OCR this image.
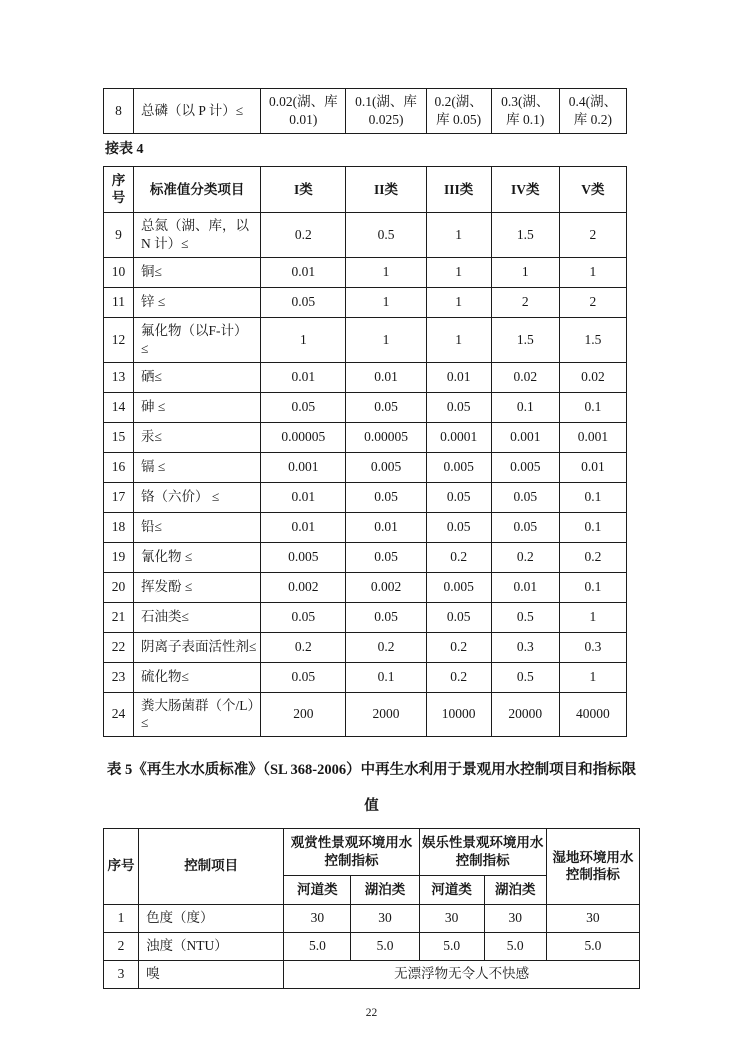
8	总磷（以 P 计）≤	0.02(湖、库 0.01)	0.1(湖、库 0.025)	0.2(湖、库 0.05)	0.3(湖、库 0.1)	0.4(湖、库 0.2)
接表 4
序号	标准值分类项目	I类	II类	III类	IV类	V类
9	总氮（湖、库，以 N 计）≤	0.2	0.5	1	1.5	2
10	铜≤	0.01	1	1	1	1
11	锌 ≤	0.05	1	1	2	2
12	氟化物（以F-计） ≤	1	1	1	1.5	1.5
13	硒≤	0.01	0.01	0.01	0.02	0.02
14	砷 ≤	0.05	0.05	0.05	0.1	0.1
15	汞≤	0.00005	0.00005	0.0001	0.001	0.001
16	镉 ≤	0.001	0.005	0.005	0.005	0.01
17	铬（六价） ≤	0.01	0.05	0.05	0.05	0.1
18	铅≤	0.01	0.01	0.05	0.05	0.1
19	氰化物 ≤	0.005	0.05	0.2	0.2	0.2
20	挥发酚 ≤	0.002	0.002	0.005	0.01	0.1
21	石油类≤	0.05	0.05	0.05	0.5	1
22	阴离子表面活性剂≤	0.2	0.2	0.2	0.3	0.3
23	硫化物≤	0.05	0.1	0.2	0.5	1
24	粪大肠菌群（个/L）≤	200	2000	10000	20000	40000
表 5《再生水水质标准》（SL 368-2006）中再生水利用于景观用水控制项目和指标限值
序号	控制项目	观赏性景观环境用水控制指标		娱乐性景观环境用水控制指标		湿地环境用水控制指标
		河道类	湖泊类	河道类	湖泊类	
1	色度（度）	30	30	30	30	30
2	浊度（NTU）	5.0	5.0	5.0	5.0	5.0
3	嗅	无漂浮物无令人不快感				
22
